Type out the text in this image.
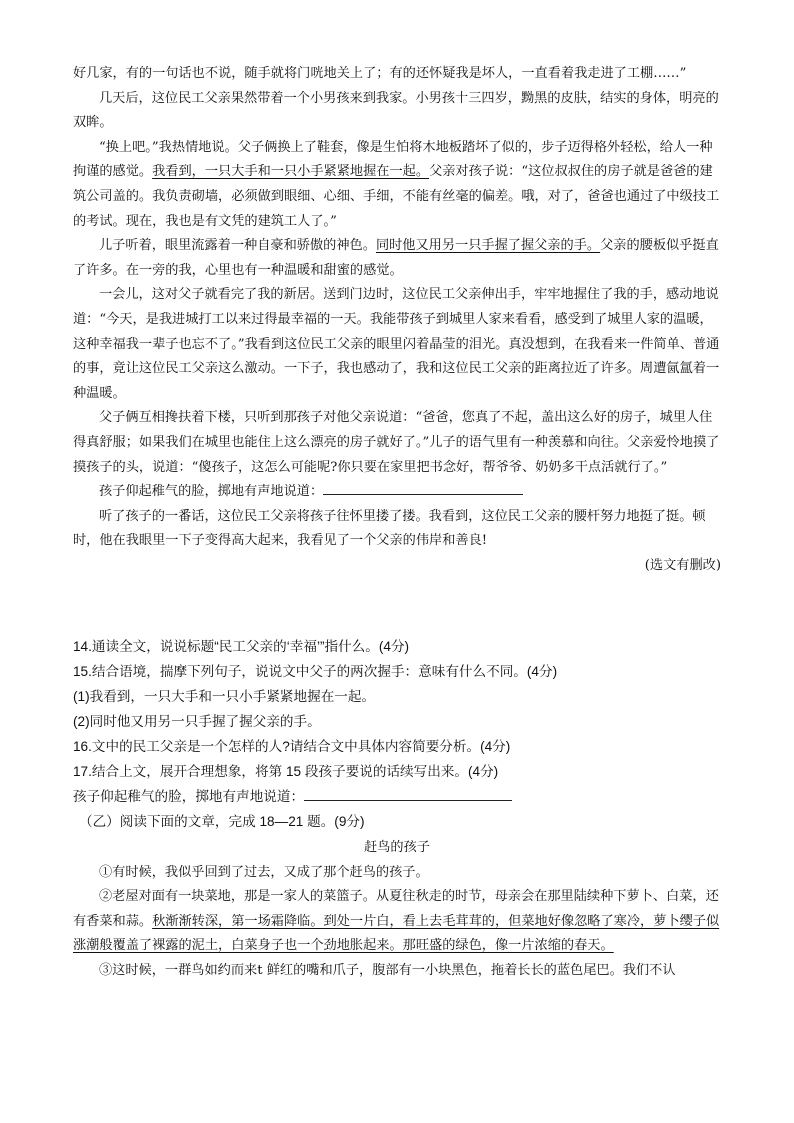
好几家，有的一句话也不说，随手就将门咣地关上了；有的还怀疑我是坏人，一直看着我走进了工棚……”

几天后，这位民工父亲果然带着一个小男孩来到我家。小男孩十三四岁，黝黑的皮肤，结实的身体，明亮的双眸。

“换上吧。”我热情地说。父子俩换上了鞋套，像是生怕将木地板踏坏了似的，步子迈得格外轻松，给人一种拘谨的感觉。我看到，一只大手和一只小手紧紧地握在一起。父亲对孩子说：“这位叔叔住的房子就是爸爸的建筑公司盖的。我负责砌墙，必须做到眼细、心细、手细，不能有丝毫的偏差。哦，对了，爸爸也通过了中级技工的考试。现在，我也是有文凭的建筑工人了。”

儿子听着，眼里流露着一种自豪和骄傲的神色。同时他又用另一只手握了握父亲的手。父亲的腰板似乎挺直了许多。在一旁的我，心里也有一种温暖和甜蜜的感觉。

一会儿，这对父子就看完了我的新居。送到门边时，这位民工父亲伸出手，牢牢地握住了我的手，感动地说道：“今天，是我进城打工以来过得最幸福的一天。我能带孩子到城里人家来看看，感受到了城里人家的温暖，这种幸福我一辈子也忘不了。”我看到这位民工父亲的眼里闪着晶莹的泪光。真没想到，在我看来一件简单、普通的事，竟让这位民工父亲这么激动。一下子，我也感动了，我和这位民工父亲的距离拉近了许多。周遭氤氲着一种温暖。

父子俩互相搀扶着下楼，只听到那孩子对他父亲说道：“爸爸，您真了不起，盖出这么好的房子，城里人住得真舒服；如果我们在城里也能住上这么漂亮的房子就好了。”儿子的语气里有一种羡慕和向往。父亲爱怜地摸了摸孩子的头，说道：“傻孩子，这怎么可能呢?你只要在家里把书念好，帮爷爷、奶奶多干点活就行了。”

孩子仰起稚气的脸，掷地有声地说道：

听了孩子的一番话，这位民工父亲将孩子往怀里搂了搂。我看到，这位民工父亲的腰杆努力地挺了挺。顿时，他在我眼里一下子变得高大起来，我看见了一个父亲的伟岸和善良!

(选文有删改)

14.通读全文，说说标题“民工父亲的‘幸福’”指什么。(4分)

15.结合语境，揣摩下列句子，说说文中父子的两次握手：意味有什么不同。(4分)

(1)我看到，一只大手和一只小手紧紧地握在一起。

(2)同时他又用另一只手握了握父亲的手。

16.文中的民工父亲是一个怎样的人?请结合文中具体内容简要分析。(4分)

17.结合上文，展开合理想象，将第 15 段孩子要说的话续写出来。(4分)

孩子仰起稚气的脸，掷地有声地说道：

（乙）阅读下面的文章，完成 18—21 题。(9分)

赶鸟的孩子

①有时候，我似乎回到了过去，又成了那个赶鸟的孩子。

②老屋对面有一块菜地，那是一家人的菜篮子。从夏往秋走的时节，母亲会在那里陆续种下萝卜、白菜，还有香菜和蒜。秋渐渐转深，第一场霜降临。到处一片白，看上去毛茸茸的，但菜地好像忽略了寒冷，萝卜缨子似涨潮般覆盖了裸露的泥土，白菜身子也一个劲地胀起来。那旺盛的绿色，像一片浓缩的春天。

③这时候，一群鸟如约而来t 鲜红的嘴和爪子，腹部有一小块黑色，拖着长长的蓝色尾巴。我们不认
